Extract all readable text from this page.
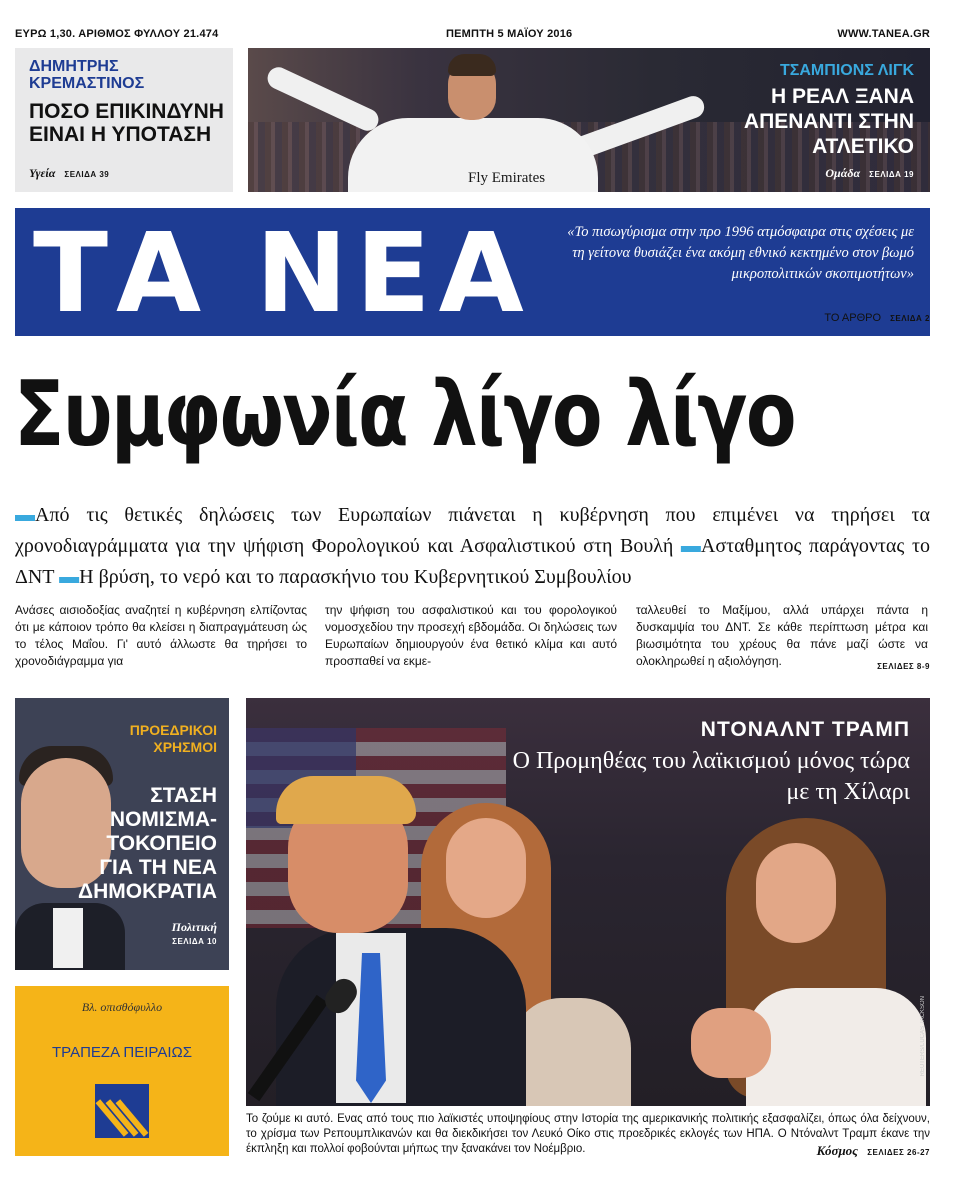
ΕΥΡΩ 1,30. ΑΡΙΘΜΟΣ ΦΥΛΛΟΥ 21.474	ΠΕΜΠΤΗ 5 ΜΑΪΟΥ 2016	WWW.TANEA.GR
ΔΗΜΗΤΡΗΣ ΚΡΕΜΑΣΤΙΝΟΣ
ΠΟΣΟ ΕΠΙΚΙΝΔΥΝΗ ΕΙΝΑΙ Η ΥΠΟΤΑΣΗ
Υγεία ΣΕΛΙΔΑ 39	Fly Emirates
ΤΣΑΜΠΙΟΝΣ ΛΙΓΚ
Η ΡΕΑΛ ΞΑΝΑ ΑΠΕΝΑΝΤΙ ΣΤΗΝ ΑΤΛΕΤΙΚΟ
Ομάδα ΣΕΛΙΔΑ 19
ΤΑ ΝΕΑ «Το πισωγύρισμα στην προ 1996 ατμόσφαιρα στις σχέσεις με τη γείτονα θυσιάζει ένα ακόμη εθνικό κεκτημένο στον βωμό μικροπολιτικών σκοπιμοτήτων»
ΤΟ ΑΡΘΡΟ ΣΕΛΙΔΑ 2
Συμφωνία λίγο λίγο
▬Από τις θετικές δηλώσεις των Ευρωπαίων πιάνεται η κυβέρνηση που επιμένει να τηρήσει τα χρονοδιαγράμματα για την ψήφιση Φορολογικού και Ασφαλιστικού στη Βουλή ▬Ασταθμητος παράγοντας το ΔΝΤ ▬Η βρύση, το νερό και το παρασκήνιο του Κυβερνητικού Συμβουλίου
Ανάσες αισιοδοξίας αναζητεί η κυβέρνηση ελπίζοντας ότι με κάποιον τρόπο θα κλείσει η διαπραγμάτευση ώς το τέλος Μαΐου. Γι' αυτό άλλωστε θα τηρήσει το χρονοδιάγραμμα για
την ψήφιση του ασφαλιστικού και του φορολογικού νομοσχεδίου την προσεχή εβδομάδα. Οι δηλώσεις των Ευρωπαίων δημιουργούν ένα θετικό κλίμα και αυτό προσπαθεί να εκμε-
ταλλευθεί το Μαξίμου, αλλά υπάρχει πάντα η δυσκαμψία του ΔΝΤ. Σε κάθε περίπτωση μέτρα και βιωσιμότητα του χρέους θα πάνε μαζί ώστε να ολοκληρωθεί η αξιολόγηση.	ΣΕΛΙΔΕΣ 8-9
ΠΡΟΕΔΡΙΚΟΙ ΧΡΗΣΜΟΙ
ΣΤΑΣΗ ΝΟΜΙΣΜΑ-ΤΟΚΟΠΕΙΟ ΓΙΑ ΤΗ ΝΕΑ ΔΗΜΟΚΡΑΤΙΑ
Πολιτική
ΣΕΛΙΔΑ 10
Βλ. οπισθόφυλλο
ΤΡΑΠΕΖΑ ΠΕΙΡΑΙΩΣ
ΝΤΟΝΑΛΝΤ ΤΡΑΜΠ
Ο Προμηθέας του λαϊκισμού μόνος τώρα με τη Χίλαρι
REUTERS/LUCAS JACKSON
Το ζούμε κι αυτό. Ενας από τους πιο λαϊκιστές υποψηφίους στην Ιστορία της αμερικανικής πολιτικής εξασφαλίζει, όπως όλα δείχνουν, το χρίσμα των Ρεπουμπλικανών και θα διεκδικήσει τον Λευκό Οίκο στις προεδρικές εκλογές των ΗΠΑ. Ο Ντόναλντ Τραμπ έκανε την έκπληξη και πολλοί φοβούνται μήπως την ξανακάνει τον Νοέμβριο.	Κόσμος ΣΕΛΙΔΕΣ 26-27
